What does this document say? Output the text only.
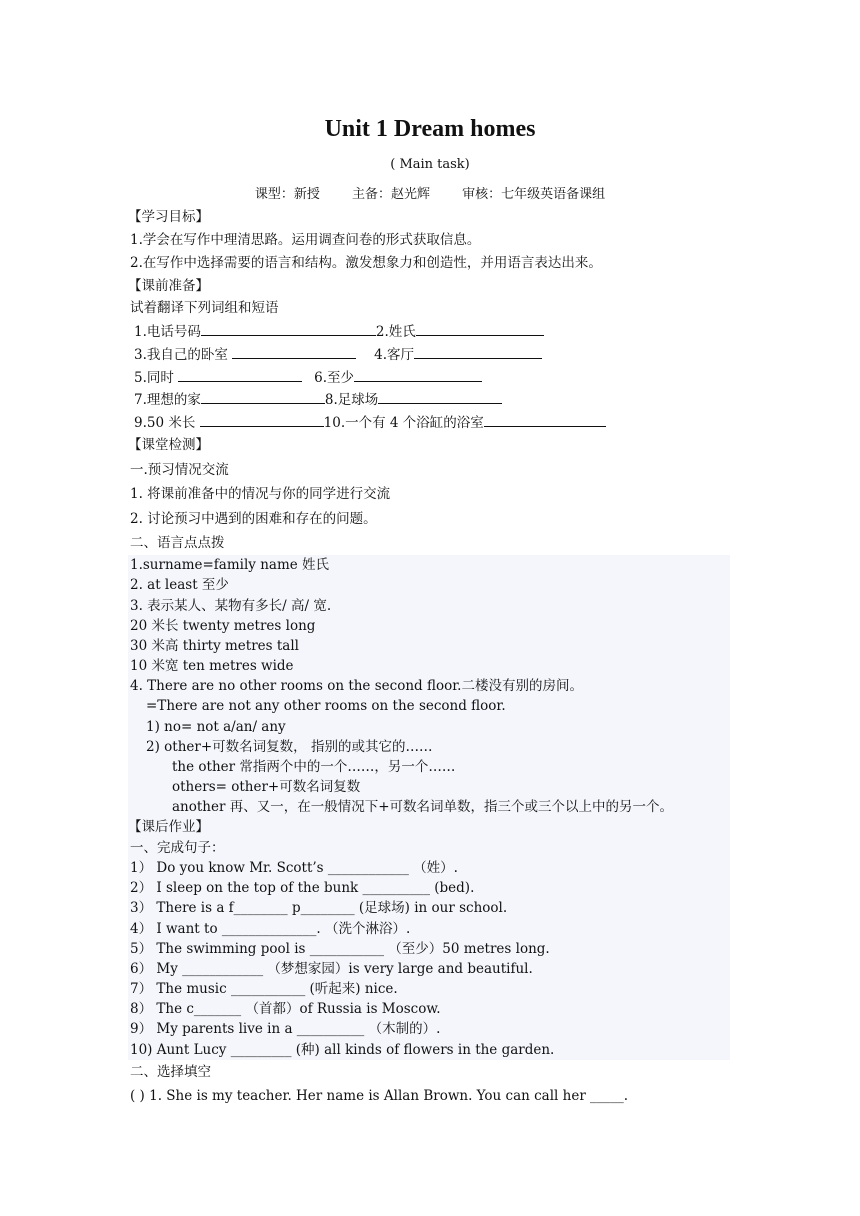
Unit 1 Dream homes
( Main task)
课型：新授 主备：赵光辉 审核：七年级英语备课组
【学习目标】
1.学会在写作中理清思路。运用调查问卷的形式获取信息。
2.在写作中选择需要的语言和结构。激发想象力和创造性，并用语言表达出来。
【课前准备】
试着翻译下列词组和短语
1.电话号码	2.姓氏
3.我自己的卧室	4.客厅
5.同时	6.至少
7.理想的家	8.足球场
9.50 米长	10.一个有 4 个浴缸的浴室
【课堂检测】
一.预习情况交流
1. 将课前准备中的情况与你的同学进行交流
2. 讨论预习中遇到的困难和存在的问题。
二、语言点点拨
1.surname=family name 姓氏
2. at least 至少
3. 表示某人、某物有多长/ 高/ 宽.
20 米长 twenty metres long
30 米高 thirty metres tall
10 米宽 ten metres wide
4. There are no other rooms on the second floor.二楼没有别的房间。
=There are not any other rooms on the second floor.
1) no= not a/an/ any
2) other+可数名词复数， 指别的或其它的……
the other 常指两个中的一个……，另一个……
others= other+可数名词复数
another 再、又一，在一般情况下+可数名词单数，指三个或三个以上中的另一个。
【课后作业】
一、完成句子：
1） Do you know Mr. Scott’s ____________ （姓）.
2） I sleep on the top of the bunk __________ (bed).
3） There is a f________ p________ (足球场) in our school.
4） I want to ______________. （洗个淋浴）.
5） The swimming pool is ___________ （至少）50 metres long.
6） My ____________ （梦想家园）is very large and beautiful.
7） The music ___________ (听起来) nice.
8） The c_______ （首都）of Russia is Moscow.
9） My parents live in a __________ （木制的）.
10) Aunt Lucy _________ (种) all kinds of flowers in the garden.
二、选择填空
( ) 1. She is my teacher. Her name is Allan Brown. You can call her _____.
